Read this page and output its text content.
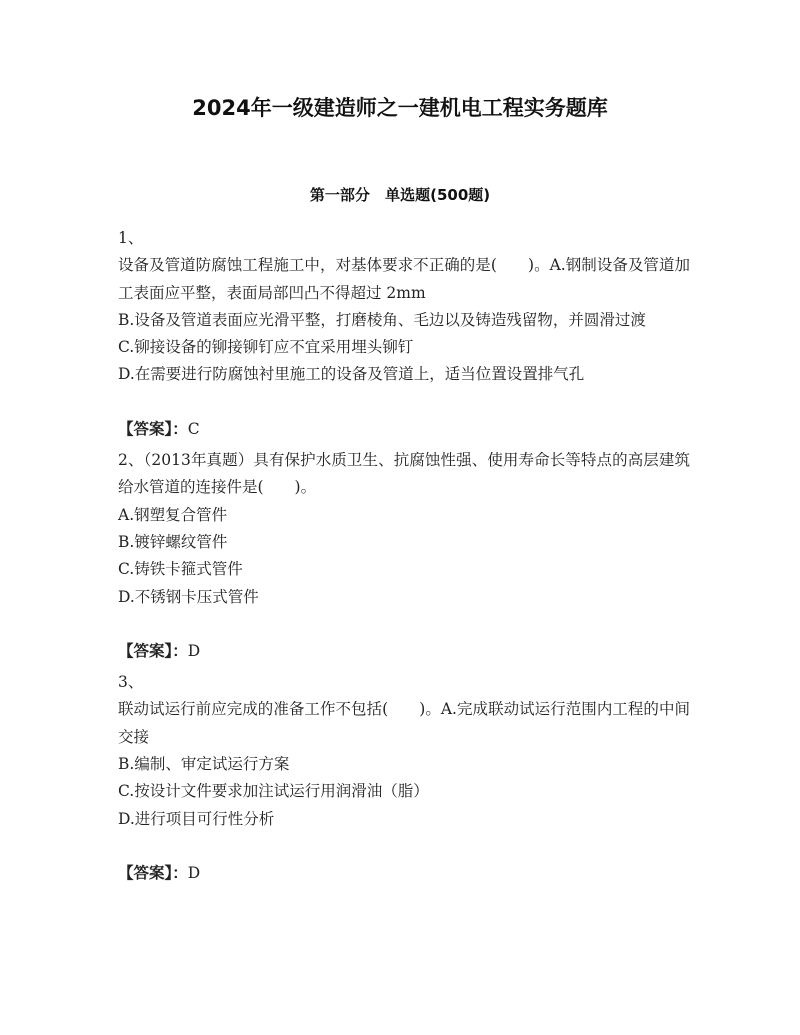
2024年一级建造师之一建机电工程实务题库
第一部分 单选题(500题)

1、

设备及管道防腐蚀工程施工中，对基体要求不正确的是(　　)。A.钢制设备及管道加工表面应平整，表面局部凹凸不得超过 2mm

B.设备及管道表面应光滑平整，打磨棱角、毛边以及铸造残留物，并圆滑过渡

C.铆接设备的铆接铆钉应不宜采用埋头铆钉

D.在需要进行防腐蚀衬里施工的设备及管道上，适当位置设置排气孔

【答案】：C

2、（2013年真题）具有保护水质卫生、抗腐蚀性强、使用寿命长等特点的高层建筑给水管道的连接件是(　　)。

A.钢塑复合管件

B.镀锌螺纹管件

C.铸铁卡箍式管件

D.不锈钢卡压式管件

【答案】：D

3、

联动试运行前应完成的准备工作不包括(　　)。A.完成联动试运行范围内工程的中间交接

B.编制、审定试运行方案

C.按设计文件要求加注试运行用润滑油（脂）

D.进行项目可行性分析

【答案】：D
